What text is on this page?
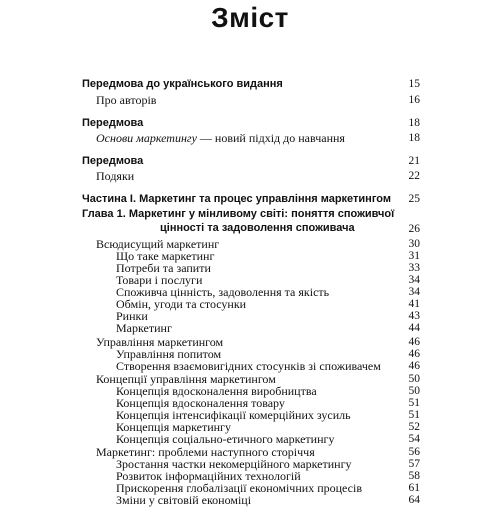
Зміст
Передмова до українського видання	15
Про авторів	16
Передмова	18
Основи маркетингу — новий підхід до навчання	18
Передмова	21
Подяки	22
Частина І. Маркетинг та процес управління маркетингом	25
Глава 1. Маркетинг у мінливому світі: поняття споживчої
цінності та задоволення споживача	26
Всюдисущий маркетинг	30
Що таке маркетинг	31
Потреби та запити	33
Товари і послуги	34
Споживча цінність, задоволення та якість	34
Обмін, угоди та стосунки	41
Ринки	43
Маркетинг	44
Управління маркетингом	46
Управління попитом	46
Створення взаємовигідних стосунків зі споживачем	46
Концепції управління маркетингом	50
Концепція вдосконалення виробництва	50
Концепція вдосконалення товару	51
Концепція інтенсифікації комерційних зусиль	51
Концепція маркетингу	52
Концепція соціально-етичного маркетингу	54
Маркетинг: проблеми наступного сторіччя	56
Зростання частки некомерційного маркетингу	57
Розвиток інформаційних технологій	58
Прискорення глобалізації економічних процесів	61
Зміни у світовій економіці	64
